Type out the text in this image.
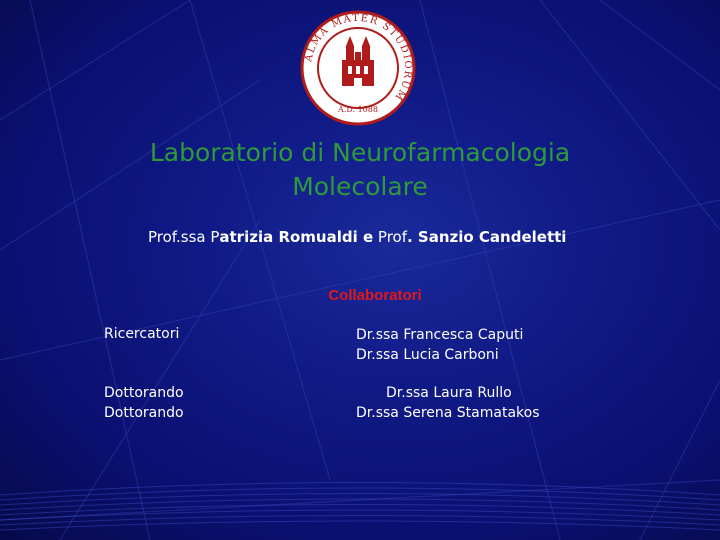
ALMA MATER STUDIORUM
A.D. 1088
Laboratorio di Neurofarmacologia
Molecolare
Prof.ssa Patrizia Romualdi e Prof. Sanzio Candeletti
Collaboratori
Ricercatori	Dr.ssa Francesca Caputi
Dr.ssa Lucia Carboni
Dottorando
Dottorando
Dr.ssa Laura Rullo
Dr.ssa Serena Stamatakos
